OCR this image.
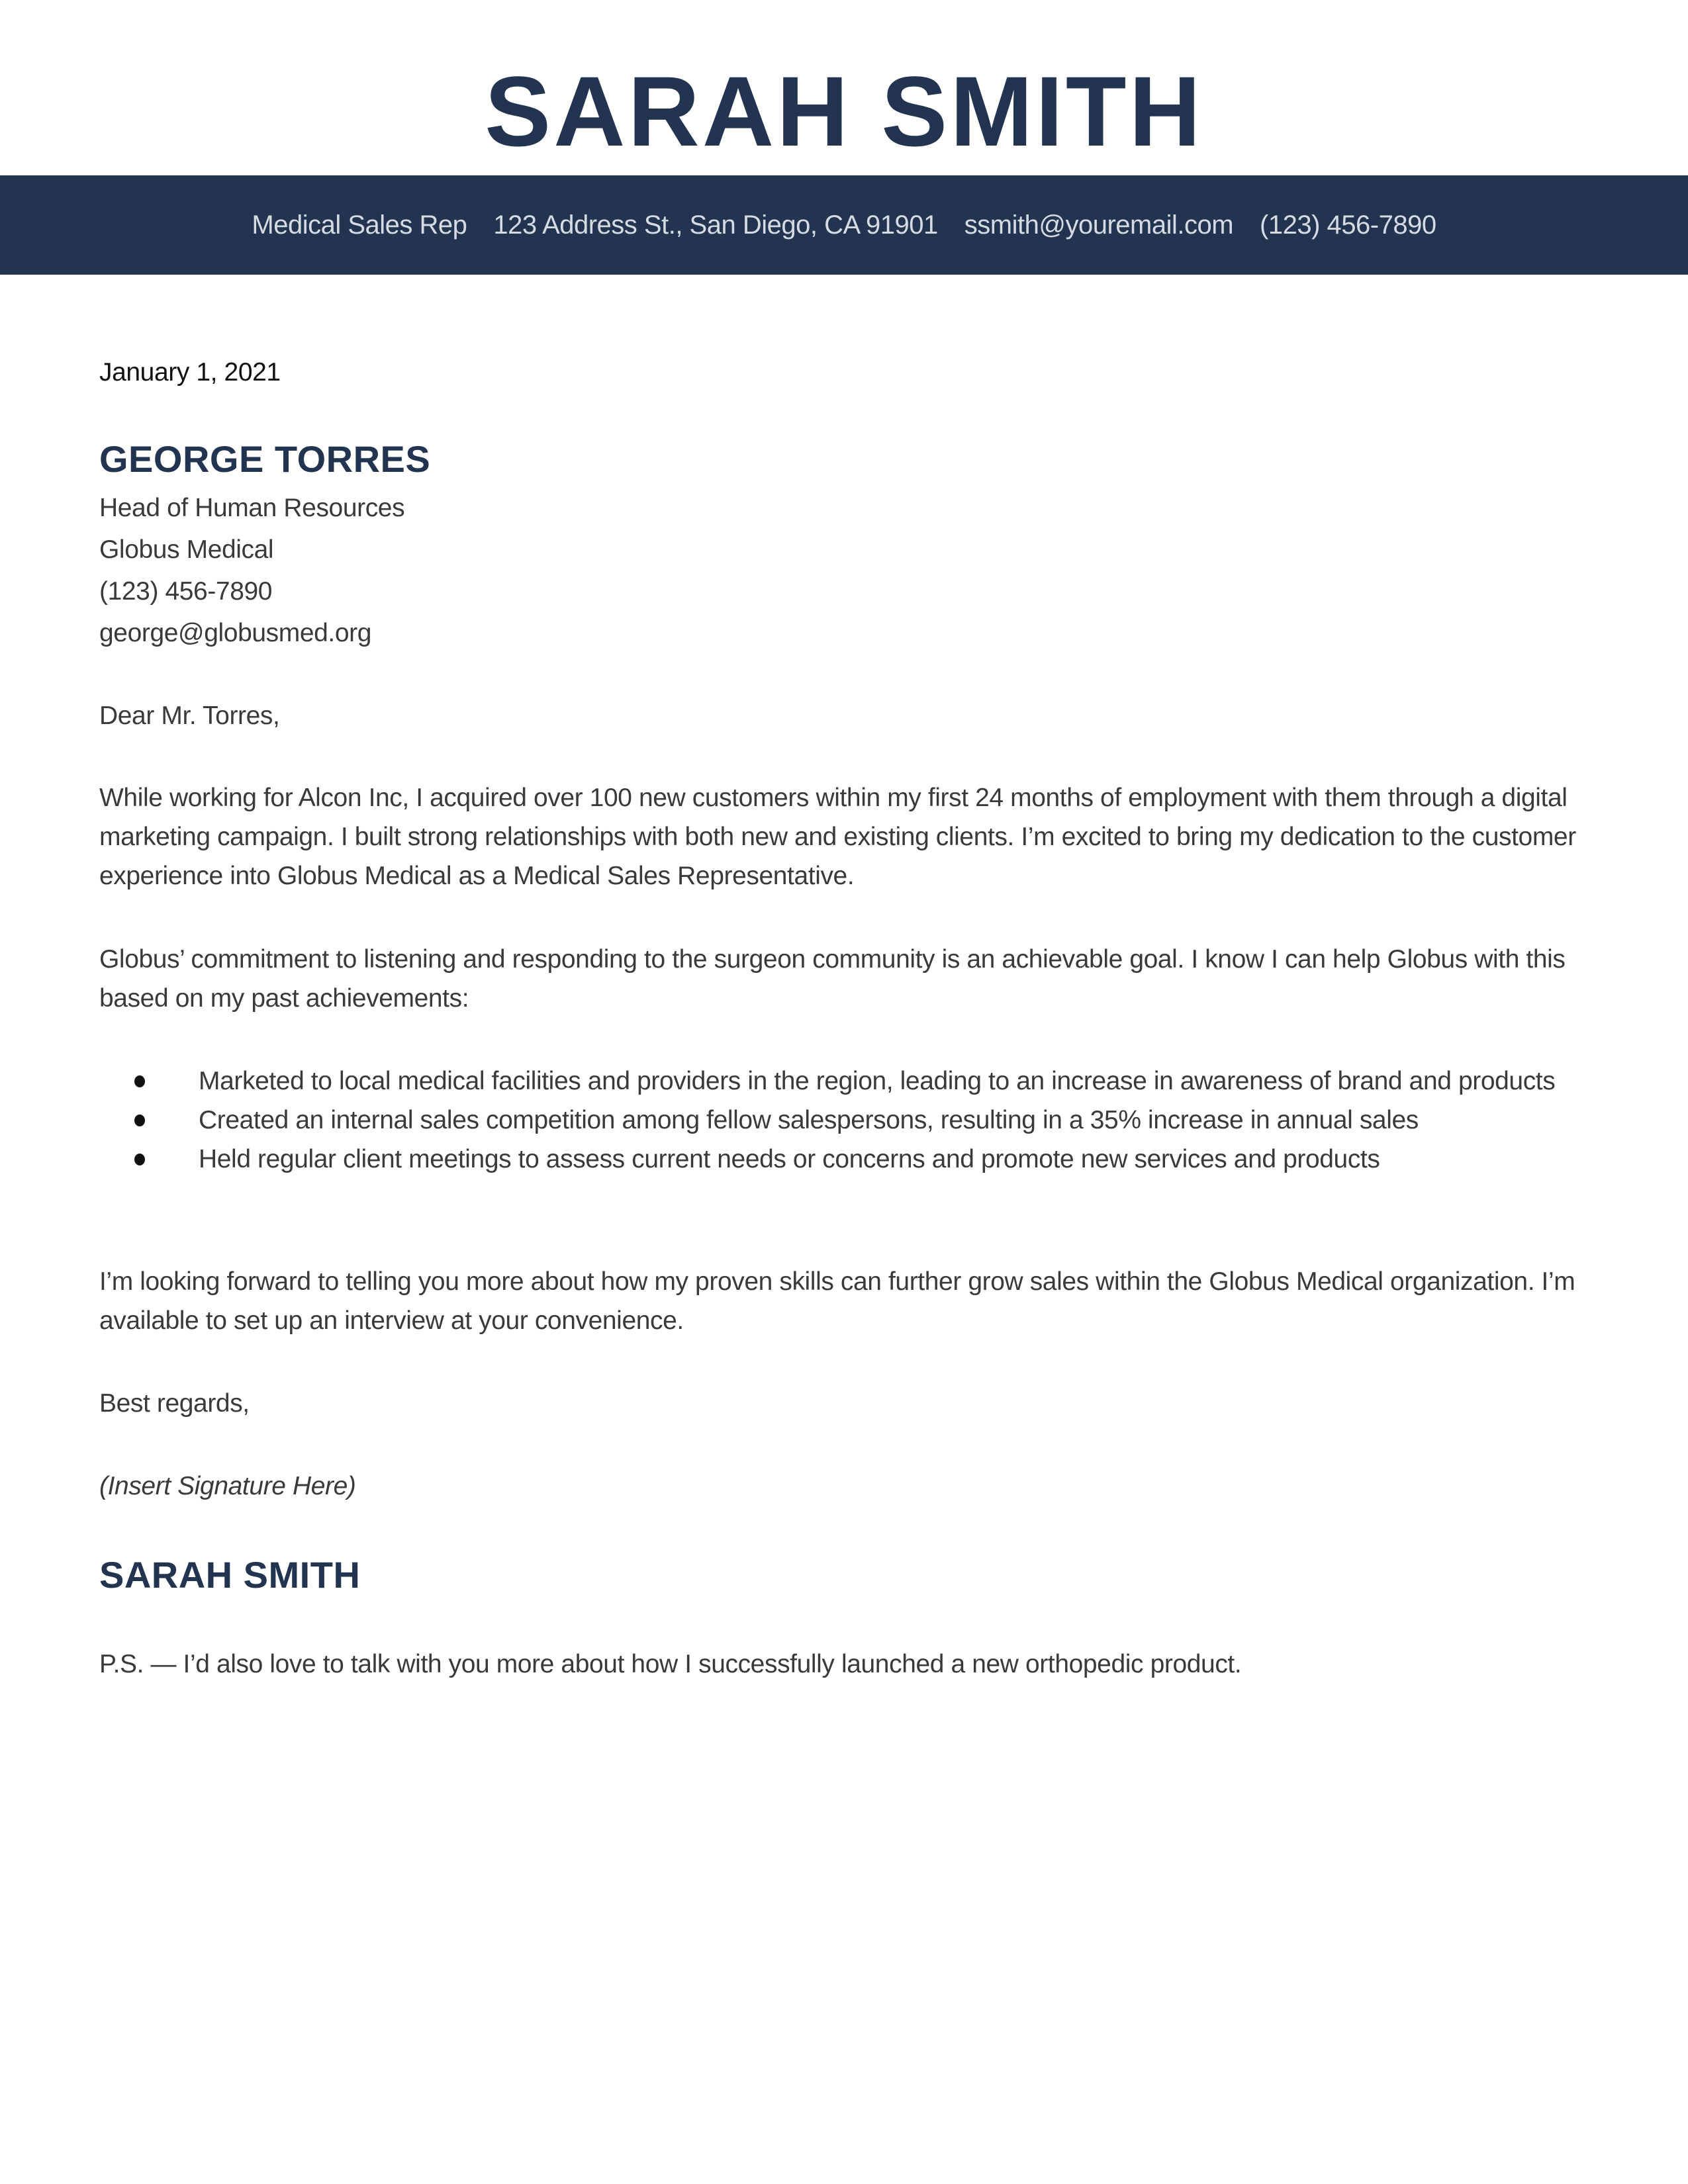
SARAH SMITH
Medical Sales Rep 123 Address St., San Diego, CA 91901 ssmith@youremail.com (123) 456-7890
January 1, 2021
GEORGE TORRES
Head of Human Resources
Globus Medical
(123) 456-7890
george@globusmed.org
Dear Mr. Torres,
While working for Alcon Inc, I acquired over 100 new customers within my first 24 months of employment with them through a digital marketing campaign. I built strong relationships with both new and existing clients. I’m excited to bring my dedication to the customer experience into Globus Medical as a Medical Sales Representative.
Globus’ commitment to listening and responding to the surgeon community is an achievable goal. I know I can help Globus with this based on my past achievements:
Marketed to local medical facilities and providers in the region, leading to an increase in awareness of brand and products
Created an internal sales competition among fellow salespersons, resulting in a 35% increase in annual sales
Held regular client meetings to assess current needs or concerns and promote new services and products
I’m looking forward to telling you more about how my proven skills can further grow sales within the Globus Medical organization. I’m available to set up an interview at your convenience.
Best regards,
(Insert Signature Here)
SARAH SMITH
P.S. — I’d also love to talk with you more about how I successfully launched a new orthopedic product.
